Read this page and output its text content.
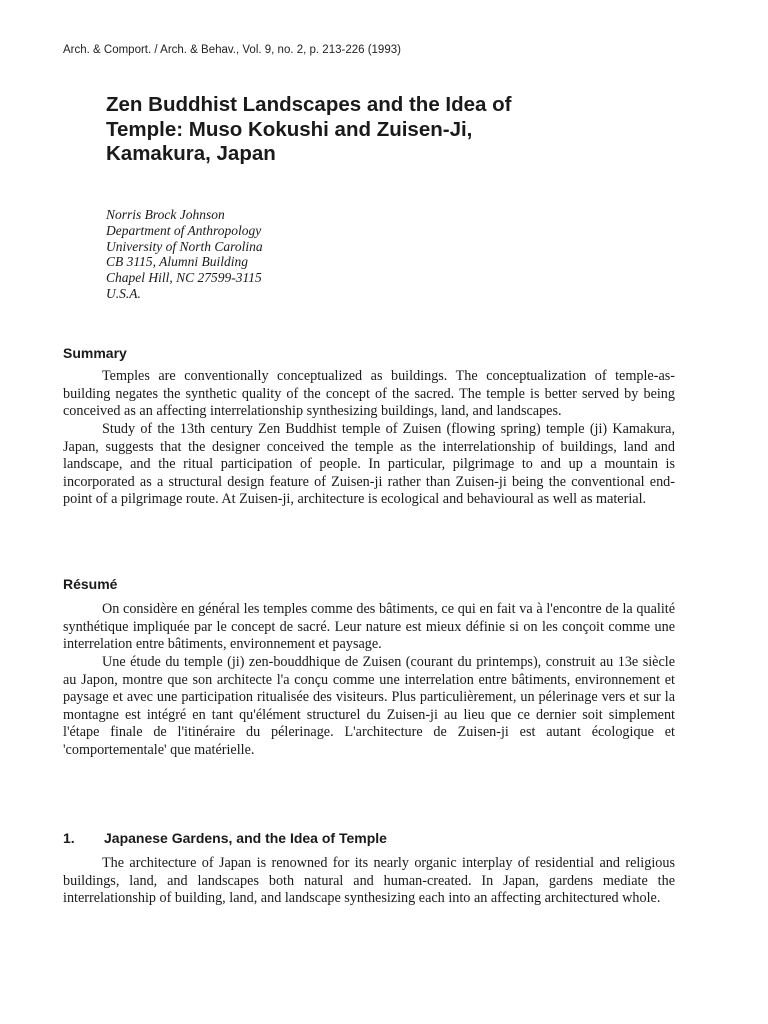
Arch. & Comport. / Arch. & Behav., Vol. 9, no. 2, p. 213-226 (1993)
Zen Buddhist Landscapes and the Idea of
Temple: Muso Kokushi and Zuisen-Ji,
Kamakura, Japan
Norris Brock Johnson
Department of Anthropology
University of North Carolina
CB 3115, Alumni Building
Chapel Hill, NC 27599-3115
U.S.A.
Summary

Temples are conventionally conceptualized as buildings. The conceptualization of temple-as-building negates the synthetic quality of the concept of the sacred. The temple is better served by being conceived as an affecting interrelationship synthesizing buildings, land, and landscapes.

Study of the 13th century Zen Buddhist temple of Zuisen (flowing spring) temple (ji) Kamakura, Japan, suggests that the designer conceived the temple as the interrelationship of buildings, land and landscape, and the ritual participation of people. In particular, pilgrimage to and up a mountain is incorporated as a structural design feature of Zuisen-ji rather than Zuisen-ji being the conventional end-point of a pilgrimage route. At Zuisen-ji, architecture is ecological and behavioural as well as material.

Résumé

On considère en général les temples comme des bâtiments, ce qui en fait va à l'encontre de la qualité synthétique impliquée par le concept de sacré. Leur nature est mieux définie si on les conçoit comme une interrelation entre bâtiments, environnement et paysage.

Une étude du temple (ji) zen-bouddhique de Zuisen (courant du printemps), construit au 13e siècle au Japon, montre que son architecte l'a conçu comme une interrelation entre bâtiments, environnement et paysage et avec une participation ritualisée des visiteurs. Plus particulièrement, un pélerinage vers et sur la montagne est intégré en tant qu'élément structurel du Zuisen-ji au lieu que ce dernier soit simplement l'étape finale de l'itinéraire du pélerinage. L'architecture de Zuisen-ji est autant écologique et 'comportementale' que matérielle.

1. Japanese Gardens, and the Idea of Temple

The architecture of Japan is renowned for its nearly organic interplay of residential and religious buildings, land, and landscapes both natural and human-created. In Japan, gardens mediate the interrelationship of building, land, and landscape synthesizing each into an affecting architectured whole.
